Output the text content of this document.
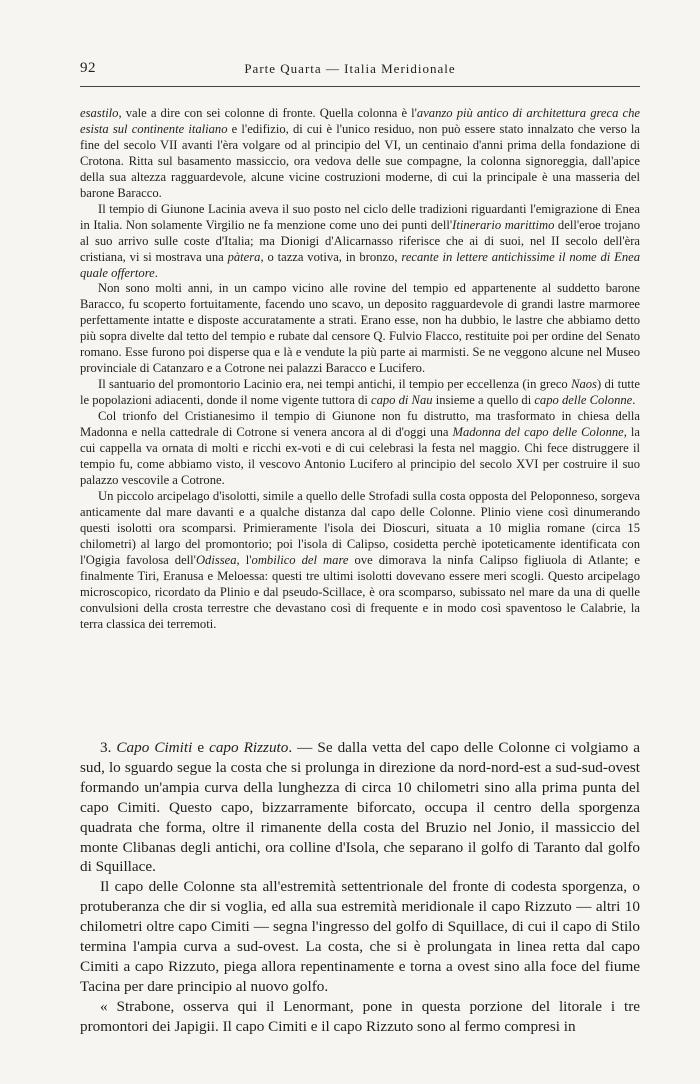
92	Parte Quarta — Italia Meridionale

esastilo, vale a dire con sei colonne di fronte. Quella colonna è l'avanzo più antico di architettura greca che esista sul continente italiano e l'edifizio, di cui è l'unico residuo, non può essere stato innalzato che verso la fine del secolo VII avanti l'èra volgare od al principio del VI, un centinaio d'anni prima della fondazione di Crotona. Ritta sul basamento massiccio, ora vedova delle sue compagne, la colonna signoreggia, dall'apice della sua altezza ragguardevole, alcune vicine costruzioni moderne, di cui la principale è una masseria del barone Baracco.

Il tempio di Giunone Lacinia aveva il suo posto nel ciclo delle tradizioni riguardanti l'emigrazione di Enea in Italia. Non solamente Virgilio ne fa menzione come uno dei punti dell'Itinerario marittimo dell'eroe trojano al suo arrivo sulle coste d'Italia; ma Dionigi d'Alicarnasso riferisce che ai di suoi, nel II secolo dell'èra cristiana, vi si mostrava una pàtera, o tazza votiva, in bronzo, recante in lettere antichissime il nome di Enea quale offertore.

Non sono molti anni, in un campo vicino alle rovine del tempio ed appartenente al suddetto barone Baracco, fu scoperto fortuitamente, facendo uno scavo, un deposito ragguardevole di grandi lastre marmoree perfettamente intatte e disposte accuratamente a strati. Erano esse, non ha dubbio, le lastre che abbiamo detto più sopra divelte dal tetto del tempio e rubate dal censore Q. Fulvio Flacco, restituite poi per ordine del Senato romano. Esse furono poi disperse qua e là e vendute la più parte ai marmisti. Se ne veggono alcune nel Museo provinciale di Catanzaro e a Cotrone nei palazzi Baracco e Lucifero.

Il santuario del promontorio Lacinio era, nei tempi antichi, il tempio per eccellenza (in greco Naos) di tutte le popolazioni adiacenti, donde il nome vigente tuttora di capo di Nau insieme a quello di capo delle Colonne.

Col trionfo del Cristianesimo il tempio di Giunone non fu distrutto, ma trasformato in chiesa della Madonna e nella cattedrale di Cotrone si venera ancora al di d'oggi una Madonna del capo delle Colonne, la cui cappella va ornata di molti e ricchi ex-voti e di cui celebrasi la festa nel maggio. Chi fece distruggere il tempio fu, come abbiamo visto, il vescovo Antonio Lucifero al principio del secolo XVI per costruire il suo palazzo vescovile a Cotrone.

Un piccolo arcipelago d'isolotti, simile a quello delle Strofadi sulla costa opposta del Peloponneso, sorgeva anticamente dal mare davanti e a qualche distanza dal capo delle Colonne. Plinio viene così dinumerando questi isolotti ora scomparsi. Primieramente l'isola dei Dioscuri, situata a 10 miglia romane (circa 15 chilometri) al largo del promontorio; poi l'isola di Calipso, cosidetta perchè ipoteticamente identificata con l'Ogigia favolosa dell'Odissea, l'ombilico del mare ove dimorava la ninfa Calipso figliuola di Atlante; e finalmente Tiri, Eranusa e Meloessa: questi tre ultimi isolotti dovevano essere meri scogli. Questo arcipelago microscopico, ricordato da Plinio e dal pseudo-Scillace, è ora scomparso, subissato nel mare da una di quelle convulsioni della crosta terrestre che devastano così di frequente e in modo così spaventoso le Calabrie, la terra classica dei terremoti.

3. Capo Cimiti e capo Rizzuto. — Se dalla vetta del capo delle Colonne ci volgiamo a sud, lo sguardo segue la costa che si prolunga in direzione da nord-nord-est a sud-sud-ovest formando un'ampia curva della lunghezza di circa 10 chilometri sino alla prima punta del capo Cimiti. Questo capo, bizzarramente biforcato, occupa il centro della sporgenza quadrata che forma, oltre il rimanente della costa del Bruzio nel Jonio, il massiccio del monte Clibanas degli antichi, ora colline d'Isola, che separano il golfo di Taranto dal golfo di Squillace.

Il capo delle Colonne sta all'estremità settentrionale del fronte di codesta sporgenza, o protuberanza che dir si voglia, ed alla sua estremità meridionale il capo Rizzuto — altri 10 chilometri oltre capo Cimiti — segna l'ingresso del golfo di Squillace, di cui il capo di Stilo termina l'ampia curva a sud-ovest. La costa, che si è prolungata in linea retta dal capo Cimiti a capo Rizzuto, piega allora repentinamente e torna a ovest sino alla foce del fiume Tacina per dare principio al nuovo golfo.

« Strabone, osserva qui il Lenormant, pone in questa porzione del litorale i tre promontori dei Japigii. Il capo Cimiti e il capo Rizzuto sono al fermo compresi in
